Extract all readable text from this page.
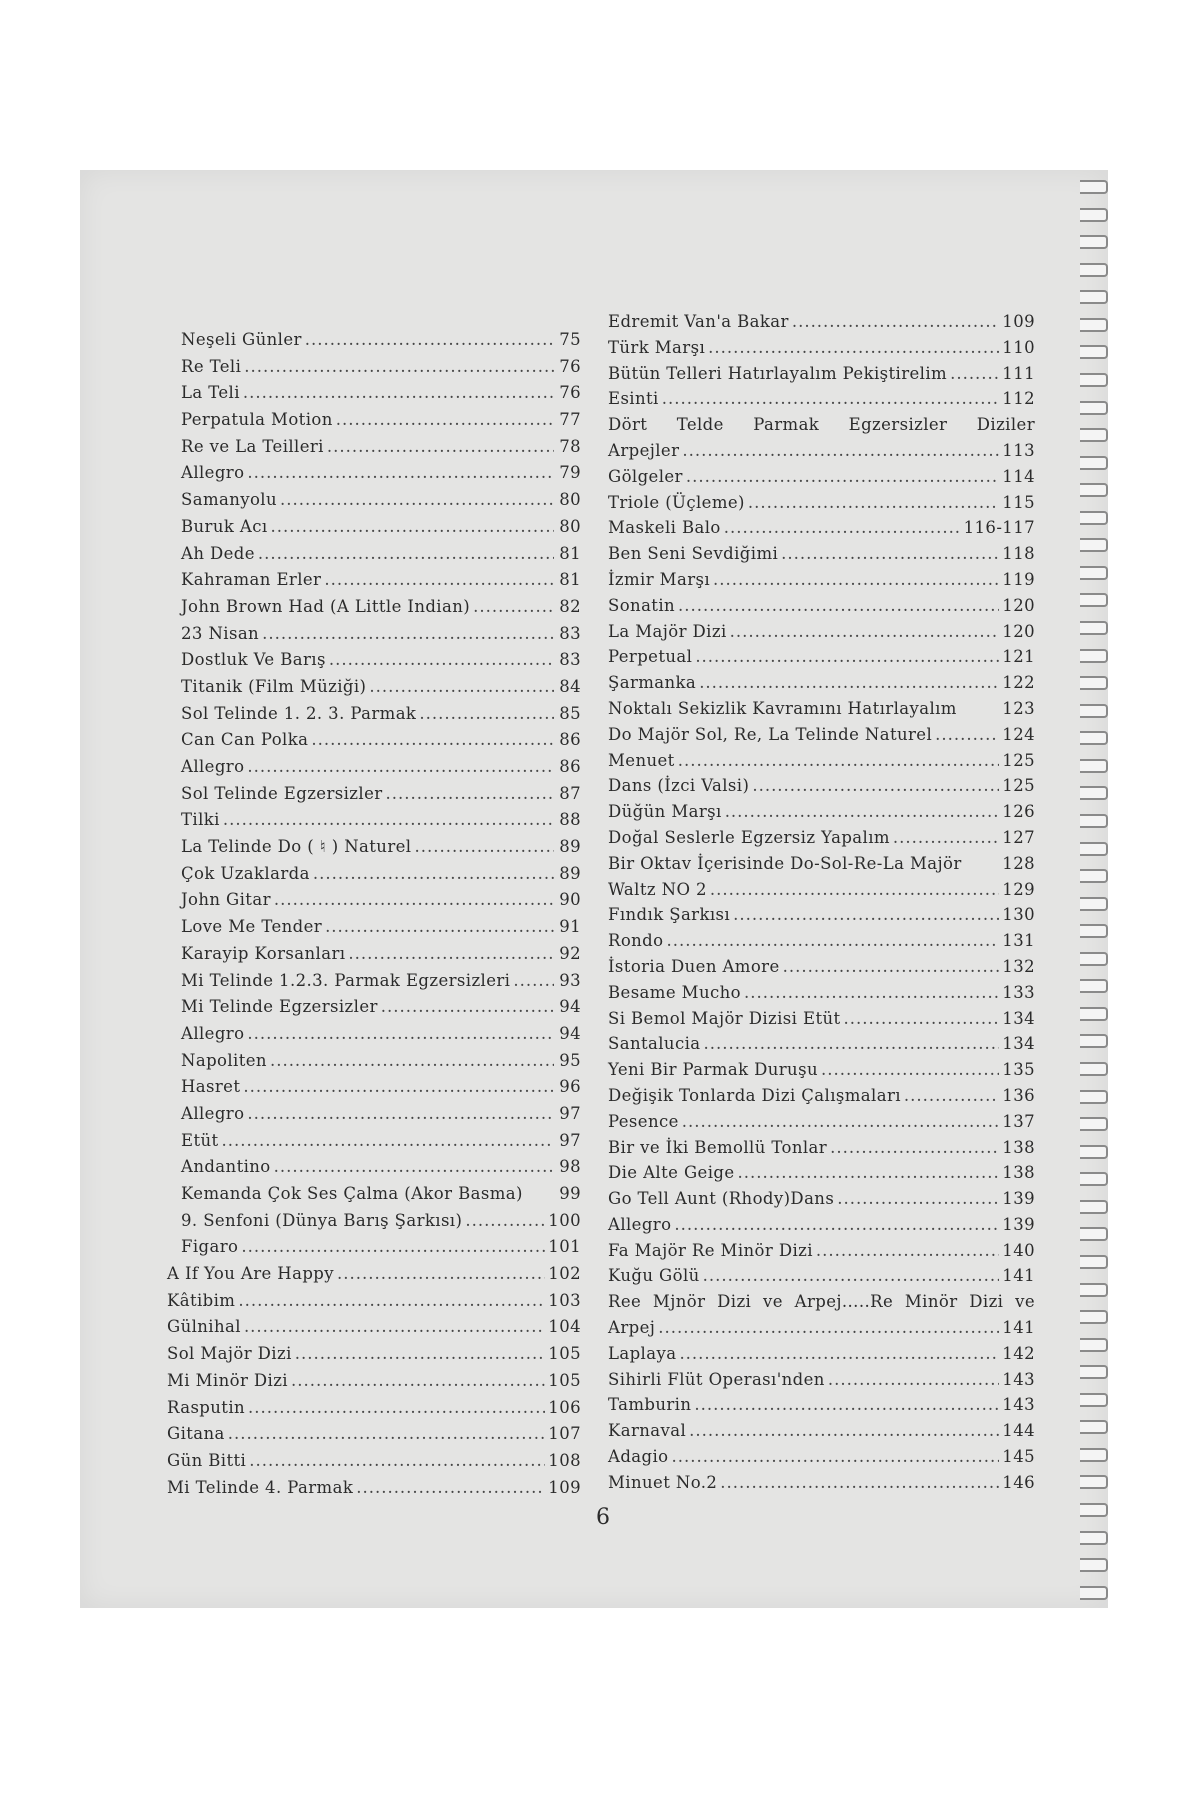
Neşeli Günler .....	75
Re Teli .....	76
La Teli .....	76
Perpatula Motion .....	77
Re ve La Teilleri .....	78
Allegro .....	79
Samanyolu .....	80
Buruk Acı .....	80
Ah Dede .....	81
Kahraman Erler .....	81
John Brown Had (A Little Indian) .....	82
23 Nisan .....	83
Dostluk Ve Barış .....	83
Titanik (Film Müziği) .....	84
Sol Telinde 1. 2. 3. Parmak .....	85
Can Can Polka .....	86
Allegro .....	86
Sol Telinde Egzersizler .....	87
Tilki .....	88
La Telinde Do ( ♮ ) Naturel .....	89
Çok Uzaklarda .....	89
John Gitar .....	90
Love Me Tender .....	91
Karayip Korsanları .....	92
Mi Telinde 1.2.3. Parmak Egzersizleri .....	93
Mi Telinde Egzersizler .....	94
Allegro .....	94
Napoliten .....	95
Hasret .....	96
Allegro .....	97
Etüt .....	97
Andantino .....	98
Kemanda Çok Ses Çalma (Akor Basma) 99
9. Senfoni (Dünya Barış Şarkısı) .....	100
Figaro .....	101
A If You Are Happy .....	102
Kâtibim .....	103
Gülnihal .....	104
Sol Majör Dizi .....	105
Mi Minör Dizi .....	105
Rasputin .....	106
Gitana .....	107
Gün Bitti .....	108
Mi Telinde 4. Parmak .....	109
Edremit Van'a Bakar .....	109
Türk Marşı .....	110
Bütün Telleri Hatırlayalım Pekiştirelim .....	111
Esinti .....	112
Dört Telde Parmak Egzersizler Diziler
Arpejler .....	113
Gölgeler .....	114
Triole (Üçleme) .....	115
Maskeli Balo .....	116-117
Ben Seni Sevdiğimi .....	118
İzmir Marşı .....	119
Sonatin .....	120
La Majör Dizi .....	120
Perpetual .....	121
Şarmanka .....	122
Noktalı Sekizlik Kavramını Hatırlayalım	123
Do Majör Sol, Re, La Telinde Naturel .....	124
Menuet .....	125
Dans (İzci Valsi) .....	125
Düğün Marşı .....	126
Doğal Seslerle Egzersiz Yapalım .....	127
Bir Oktav İçerisinde Do-Sol-Re-La Majör 128
Waltz NO 2 .....	129
Fındık Şarkısı .....	130
Rondo .....	131
İstoria Duen Amore .....	132
Besame Mucho .....	133
Si Bemol Majör Dizisi Etüt .....	134
Santalucia .....	134
Yeni Bir Parmak Duruşu .....	135
Değişik Tonlarda Dizi Çalışmaları .....	136
Pesence .....	137
Bir ve İki Bemollü Tonlar .....	138
Die Alte Geige .....	138
Go Tell Aunt (Rhody)Dans .....	139
Allegro .....	139
Fa Majör Re Minör Dizi .....	140
Kuğu Gölü .....	141
Ree Mjnör Dizi ve Arpej.....Re Minör Dizi ve
Arpej .....	141
Laplaya .....	142
Sihirli Flüt Operası'nden .....	143
Tamburin .....	143
Karnaval .....	144
Adagio .....	145
Minuet No.2 .....	146
6
